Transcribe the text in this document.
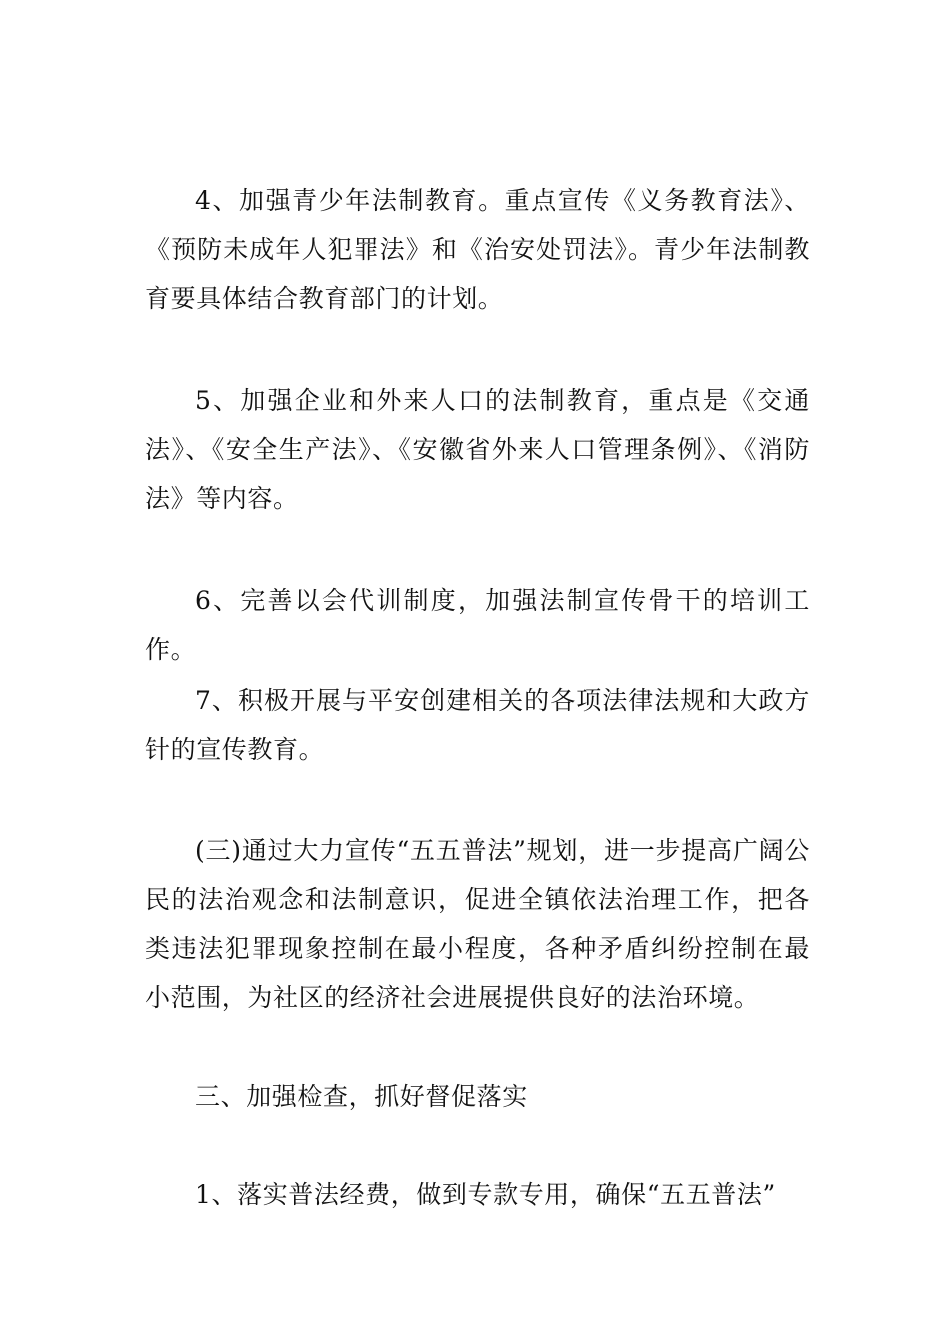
4、加强青少年法制教育。重点宣传《义务教育法》、《预防未成年人犯罪法》和《治安处罚法》。青少年法制教育要具体结合教育部门的计划。

5、加强企业和外来人口的法制教育，重点是《交通法》、《安全生产法》、《安徽省外来人口管理条例》、《消防法》等内容。

6、完善以会代训制度，加强法制宣传骨干的培训工作。

7、积极开展与平安创建相关的各项法律法规和大政方针的宣传教育。

(三)通过大力宣传“五五普法”规划，进一步提高广阔公民的法治观念和法制意识，促进全镇依法治理工作，把各类违法犯罪现象控制在最小程度，各种矛盾纠纷控制在最小范围，为社区的经济社会进展提供良好的法治环境。

三、加强检查，抓好督促落实

1、落实普法经费，做到专款专用，确保“五五普法”
